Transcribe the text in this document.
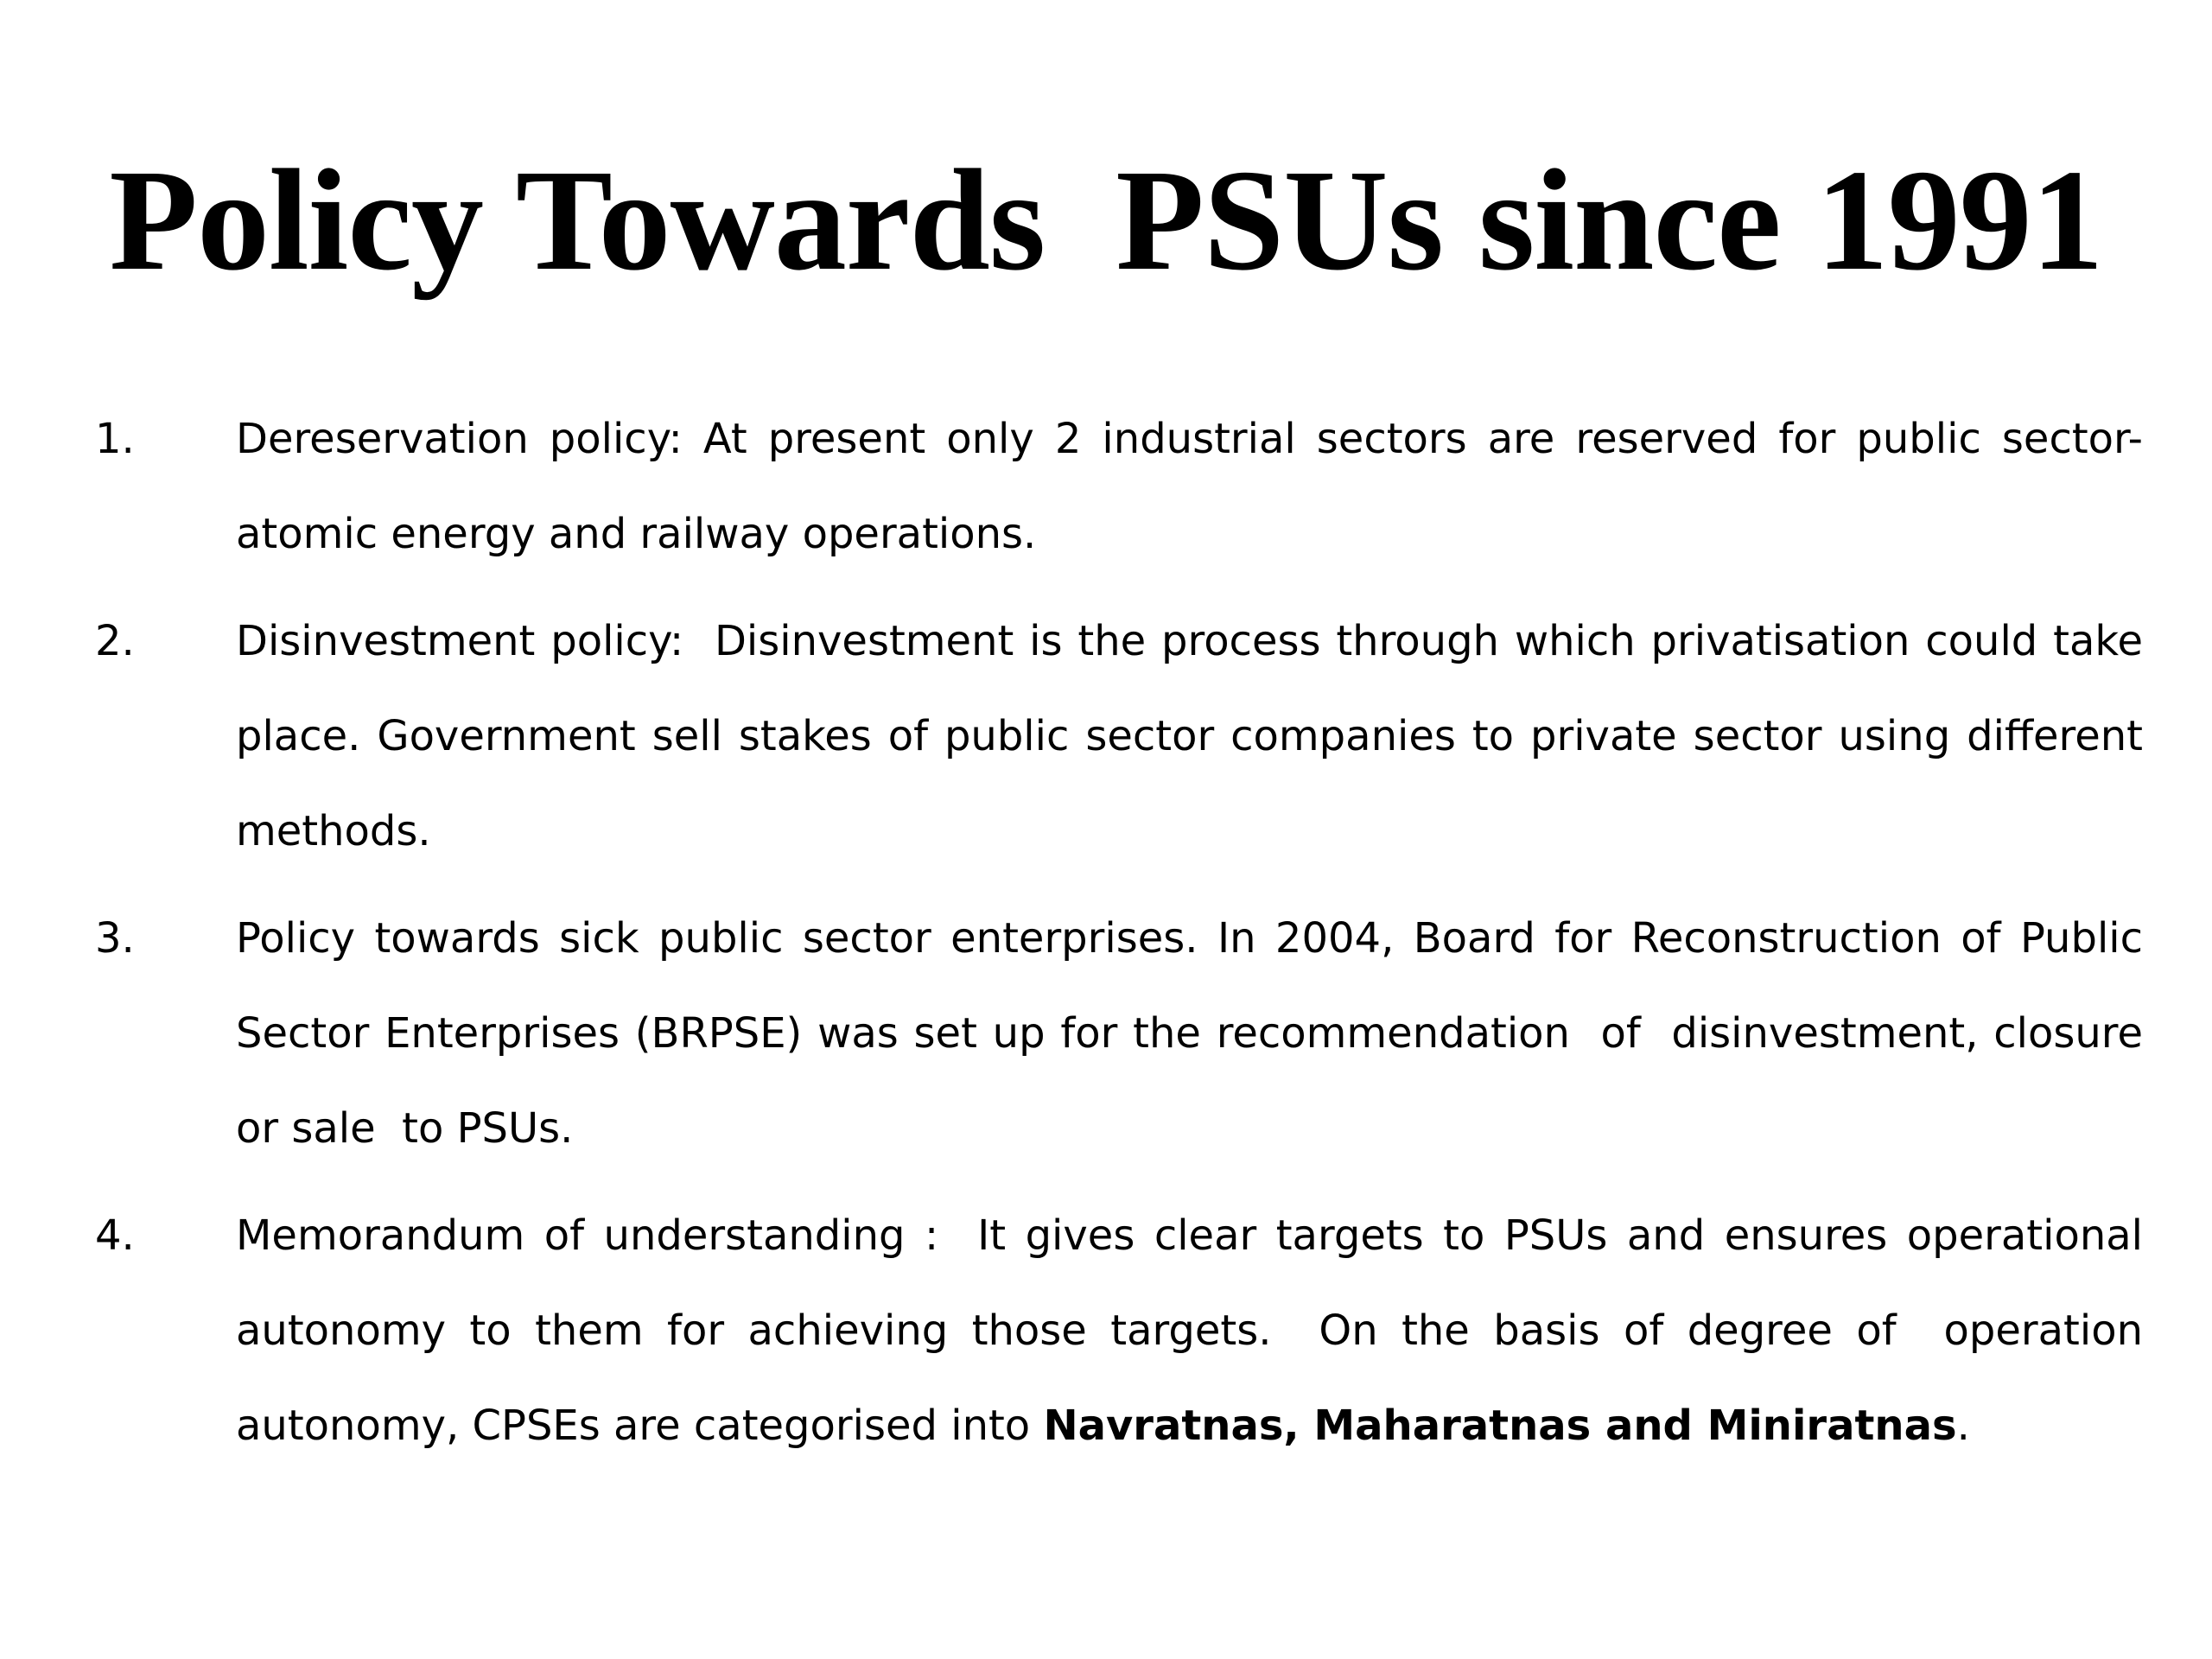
Policy Towards  PSUs since 1991
1. Dereservation policy: At present only 2 industrial sectors are reserved for public sector-atomic energy and railway operations.
2. Disinvestment policy:  Disinvestment is the process through which privatisation could take place. Government sell stakes of public sector companies to private sector using different methods.
3. Policy towards sick public sector enterprises. In 2004, Board for Reconstruction of Public Sector Enterprises (BRPSE) was set up for the recommendation  of  disinvestment, closure or sale  to PSUs.
4. Memorandum of understanding :  It gives clear targets to PSUs and ensures operational autonomy to them for achieving those targets.  On the basis of degree of  operation autonomy, CPSEs are categorised into Navratnas, Maharatnas and Miniratnas.
